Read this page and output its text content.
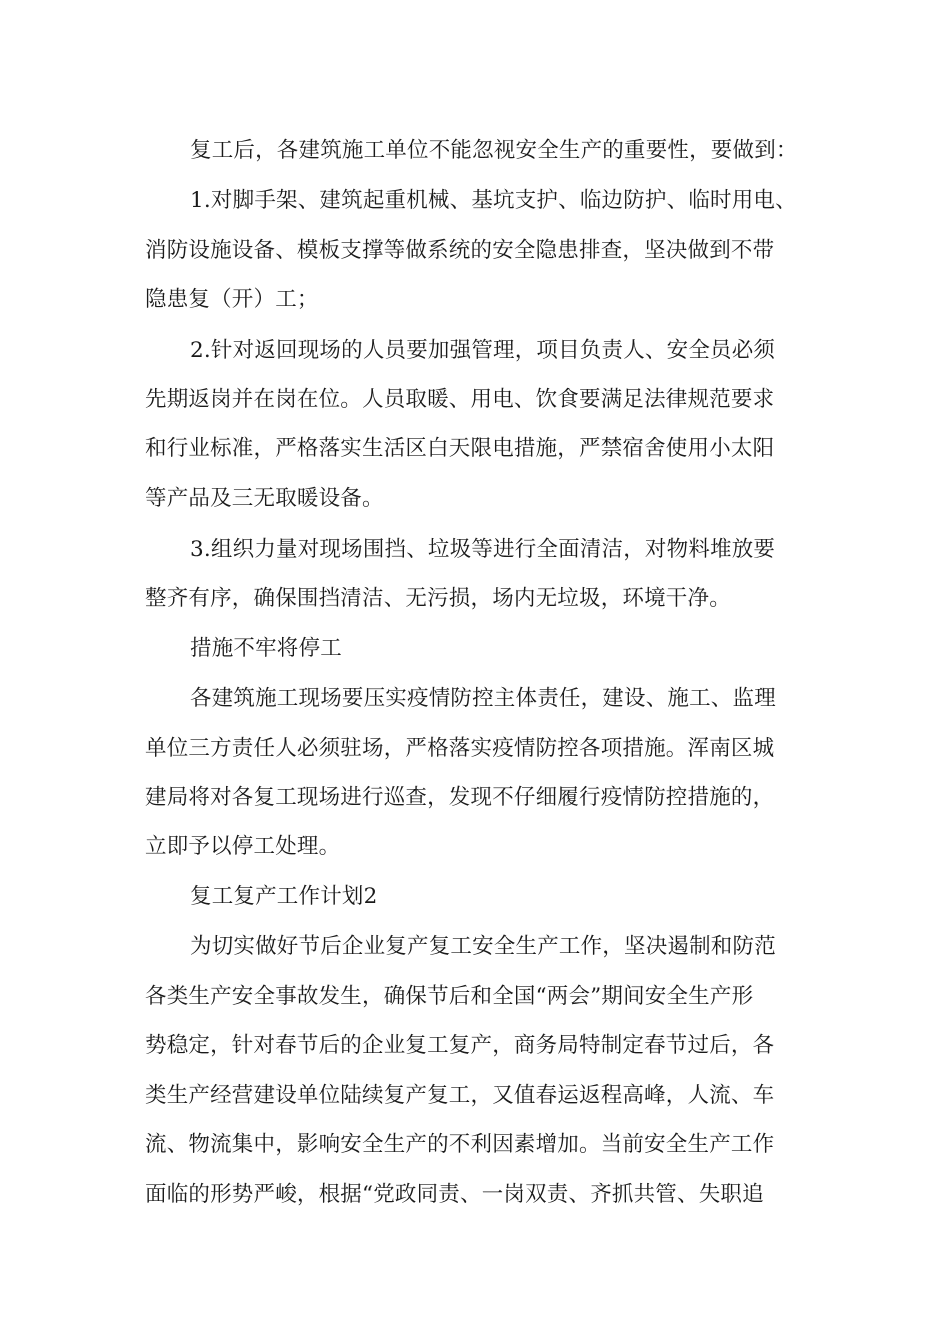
复工后，各建筑施工单位不能忽视安全生产的重要性，要做到：
1.对脚手架、建筑起重机械、基坑支护、临边防护、临时用电、
消防设施设备、模板支撑等做系统的安全隐患排查，坚决做到不带
隐患复（开）工；
2.针对返回现场的人员要加强管理，项目负责人、安全员必须
先期返岗并在岗在位。人员取暖、用电、饮食要满足法律规范要求
和行业标准，严格落实生活区白天限电措施，严禁宿舍使用小太阳
等产品及三无取暖设备。
3.组织力量对现场围挡、垃圾等进行全面清洁，对物料堆放要
整齐有序，确保围挡清洁、无污损，场内无垃圾，环境干净。
措施不牢将停工
各建筑施工现场要压实疫情防控主体责任，建设、施工、监理
单位三方责任人必须驻场，严格落实疫情防控各项措施。浑南区城
建局将对各复工现场进行巡查，发现不仔细履行疫情防控措施的，
立即予以停工处理。
复工复产工作计划2
为切实做好节后企业复产复工安全生产工作，坚决遏制和防范
各类生产安全事故发生，确保节后和全国“两会”期间安全生产形
势稳定，针对春节后的企业复工复产，商务局特制定春节过后，各
类生产经营建设单位陆续复产复工，又值春运返程高峰，人流、车
流、物流集中，影响安全生产的不利因素增加。当前安全生产工作
面临的形势严峻，根据“党政同责、一岗双责、齐抓共管、失职追
